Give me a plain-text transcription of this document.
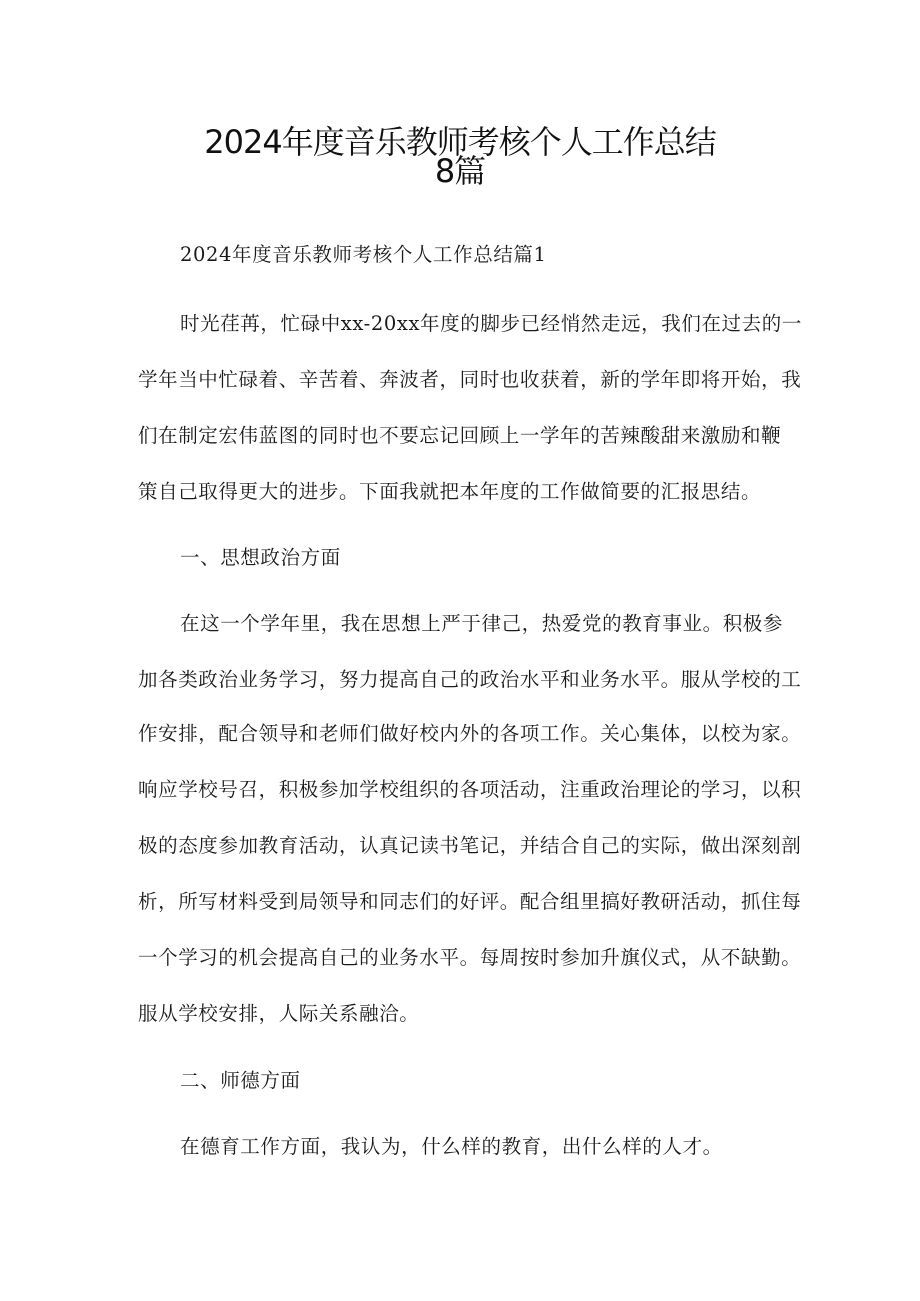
2024年度音乐教师考核个人工作总结
8篇
2024年度音乐教师考核个人工作总结篇1
时光荏苒，忙碌中xx-20xx年度的脚步已经悄然走远，我们在过去的一
学年当中忙碌着、辛苦着、奔波者，同时也收获着，新的学年即将开始，我
们在制定宏伟蓝图的同时也不要忘记回顾上一学年的苦辣酸甜来激励和鞭
策自己取得更大的进步。下面我就把本年度的工作做简要的汇报思结。
一、思想政治方面
在这一个学年里，我在思想上严于律己，热爱党的教育事业。积极参
加各类政治业务学习，努力提高自己的政治水平和业务水平。服从学校的工
作安排，配合领导和老师们做好校内外的各项工作。关心集体，以校为家。
响应学校号召，积极参加学校组织的各项活动，注重政治理论的学习，以积
极的态度参加教育活动，认真记读书笔记，并结合自己的实际，做出深刻剖
析，所写材料受到局领导和同志们的好评。配合组里搞好教研活动，抓住每
一个学习的机会提高自己的业务水平。每周按时参加升旗仪式，从不缺勤。
服从学校安排，人际关系融洽。
二、师德方面
在德育工作方面，我认为，什么样的教育，出什么样的人才。
